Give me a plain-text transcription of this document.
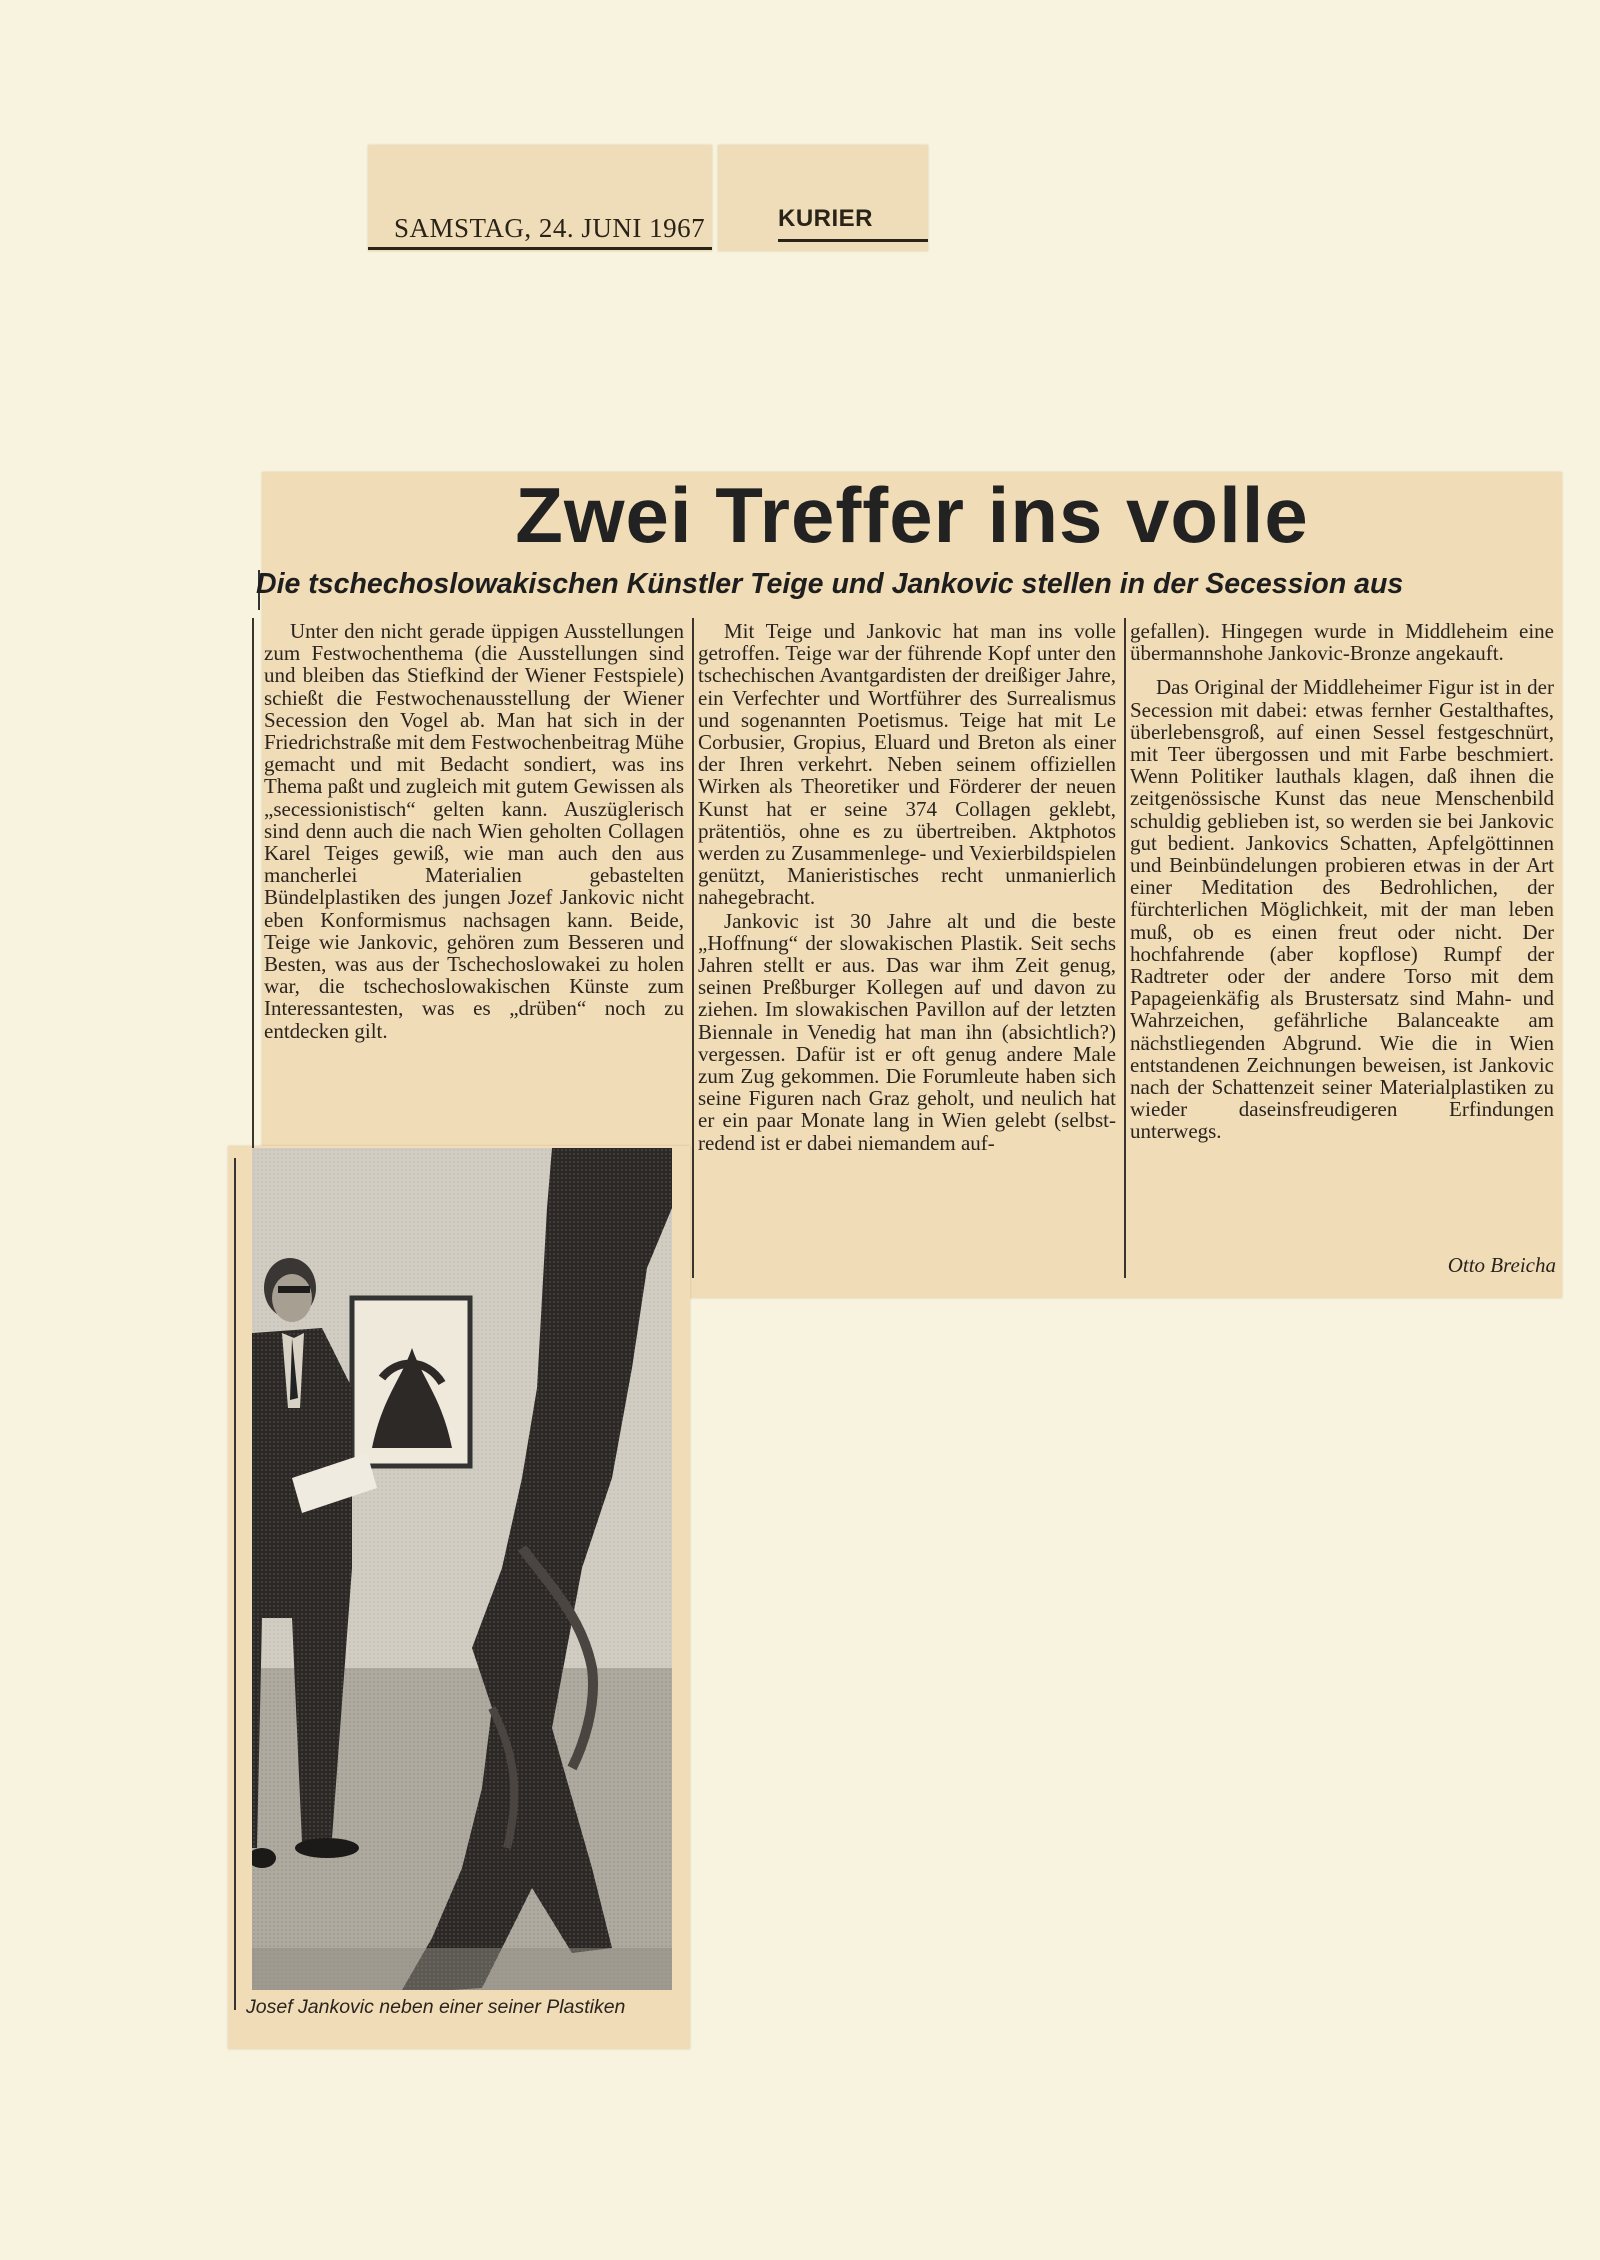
SAMSTAG, 24. JUNI 1967	KURIER
Zwei Treffer ins volle
Die tschechoslowakischen Künstler Teige und Jankovic stellen in der Secession aus

Unter den nicht gerade üppigen Ausstellungen zum Festwochenthema (die Ausstellungen sind und bleiben das Stiefkind der Wiener Festspiele) schießt die Festwochenausstellung der Wiener Secession den Vogel ab. Man hat sich in der Friedrichstraße mit dem Festwochenbeitrag Mühe gemacht und mit Bedacht sondiert, was ins Thema paßt und zugleich mit gutem Gewissen als „secessionistisch“ gelten kann. Auszüglerisch sind denn auch die nach Wien geholten Collagen Karel Teiges gewiß, wie man auch den aus mancherlei Materialien gebastelten Bündelplastiken des jungen Jozef Jankovic nicht eben Konformismus nachsagen kann. Beide, Teige wie Jankovic, gehören zum Besseren und Besten, was aus der Tschechoslowakei zu holen war, die tschechoslowakischen Künste zum Interessantesten, was es „drüben“ noch zu entdecken gilt.

Mit Teige und Jankovic hat man ins volle getroffen. Teige war der führende Kopf unter den tschechischen Avantgardisten der dreißiger Jahre, ein Verfechter und Wortführer des Surrealismus und sogenannten Poetismus. Teige hat mit Le Corbusier, Gropius, Eluard und Breton als einer der Ihren verkehrt. Neben seinem offiziellen Wirken als Theoretiker und Förderer der neuen Kunst hat er seine 374 Collagen geklebt, prätentiös, ohne es zu übertreiben. Aktphotos werden zu Zusammenlege- und Vexierbildspielen genützt, Manieristisches recht unmanierlich nahegebracht.

Jankovic ist 30 Jahre alt und die beste „Hoffnung“ der slowakischen Plastik. Seit sechs Jahren stellt er aus. Das war ihm Zeit genug, seinen Preßburger Kollegen auf und davon zu ziehen. Im slowakischen Pavillon auf der letzten Biennale in Venedig hat man ihn (absichtlich?) vergessen. Dafür ist er oft genug andere Male zum Zug gekommen. Die Forumleute haben sich seine Figuren nach Graz geholt, und neulich hat er ein paar Monate lang in Wien gelebt (selbstredend ist er dabei niemandem auf-

gefallen). Hingegen wurde in Middleheim eine übermannshohe Jankovic-Bronze angekauft.

Das Original der Middleheimer Figur ist in der Secession mit dabei: etwas fernher Gestalthaftes, überlebensgroß, auf einen Sessel festgeschnürt, mit Teer übergossen und mit Farbe beschmiert. Wenn Politiker lauthals klagen, daß ihnen die zeitgenössische Kunst das neue Menschenbild schuldig geblieben ist, so werden sie bei Jankovic gut bedient. Jankovics Schatten, Apfelgöttinnen und Beinbündelungen probieren etwas in der Art einer Meditation des Bedrohlichen, der fürchterlichen Möglichkeit, mit der man leben muß, ob es einen freut oder nicht. Der hochfahrende (aber kopflose) Rumpf der Radtreter oder der andere Torso mit dem Papageienkäfig als Brustersatz sind Mahn- und Wahrzeichen, gefährliche Balanceakte am nächstliegenden Abgrund. Wie die in Wien entstandenen Zeichnungen beweisen, ist Jankovic nach der Schattenzeit seiner Materialplastiken zu wieder daseinsfreudigeren Erfindungen unterwegs.

Otto Breicha
Josef Jankovic neben einer seiner Plastiken
